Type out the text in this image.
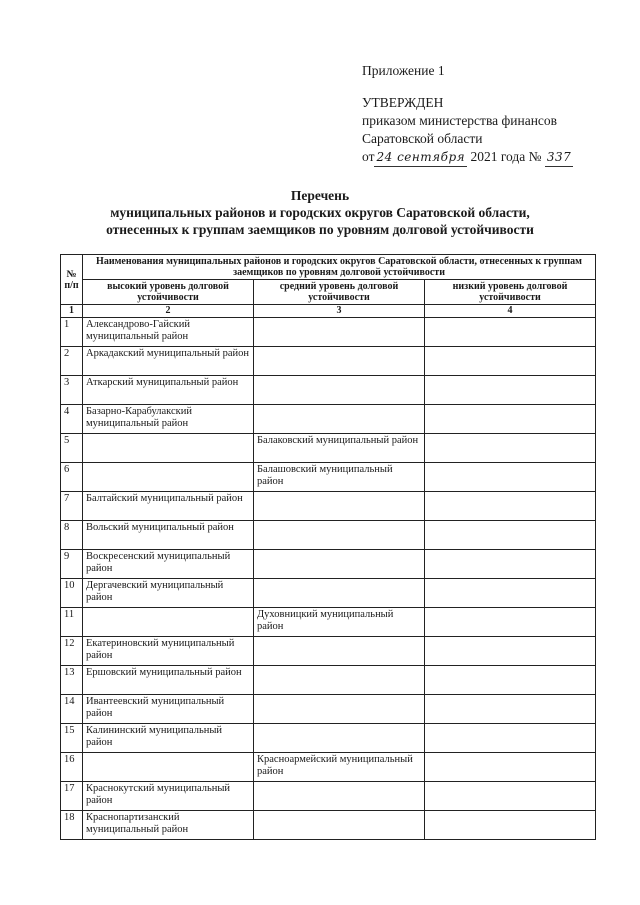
Приложение 1
УТВЕРЖДЕН
приказом министерства финансов
Саратовской области
от 24 сентября 2021 года № 337
Перечень
муниципальных районов и городских округов Саратовской области,
отнесенных к группам заемщиков по уровням долговой устойчивости
№ п/п	Наименования муниципальных районов и городских округов Саратовской области, отнесенных к группам заемщиков по уровням долговой устойчивости		
	высокий уровень долговой устойчивости	средний уровень долговой устойчивости	низкий уровень долговой устойчивости
1	2	3	4
1	Александрово-Гайский муниципальный район		
2	Аркадакский муниципальный район		
3	Аткарский муниципальный район		
4	Базарно-Карабулакский муниципальный район		
5		Балаковский муниципальный район	
6		Балашовский муниципальный район	
7	Балтайский муниципальный район		
8	Вольский муниципальный район		
9	Воскресенский муниципальный район		
10	Дергачевский муниципальный район		
11		Духовницкий муниципальный район	
12	Екатериновский муниципальный район		
13	Ершовский муниципальный район		
14	Ивантеевский муниципальный район		
15	Калининский муниципальный район		
16		Красноармейский муниципальный район	
17	Краснокутский муниципальный район		
18	Краснопартизанский муниципальный район		
